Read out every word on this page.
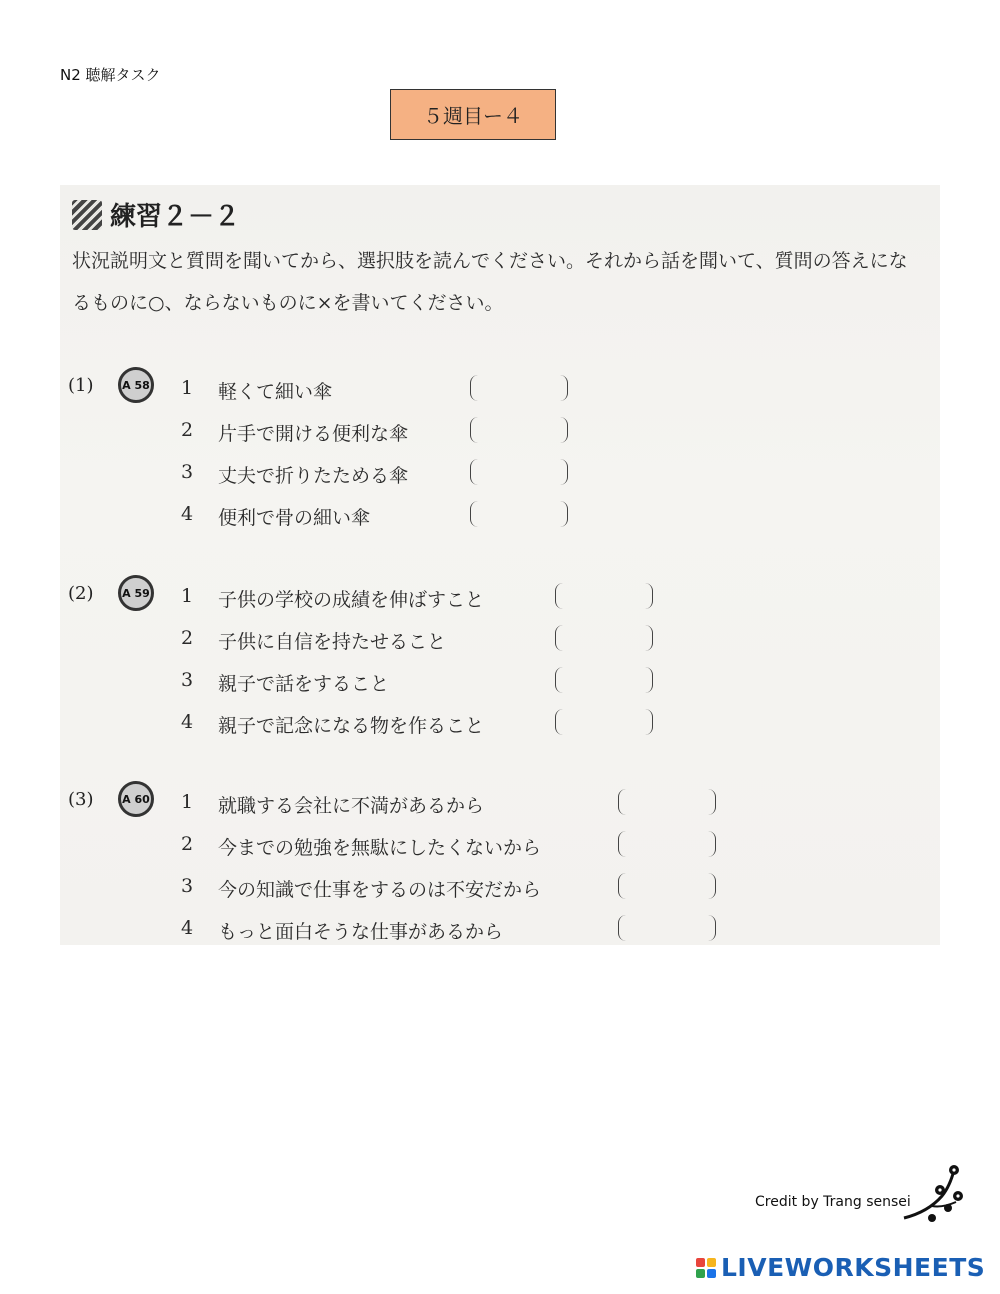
N2 聴解タスク
５週目ー４
練習２－２
状況説明文と質問を聞いてから、選択肢を読んでください。それから話を聞いて、質問の答えになるものに○、ならないものに×を書いてください。
(1)	A 58 1 軽くて細い傘
2 片手で開ける便利な傘
3 丈夫で折りたためる傘
4 便利で骨の細い傘
(2)	A 59 1 子供の学校の成績を伸ばすこと
2 子供に自信を持たせること
3 親子で話をすること
4 親子で記念になる物を作ること
(3)	A 60 1 就職する会社に不満があるから
2 今までの勉強を無駄にしたくないから
3 今の知識で仕事をするのは不安だから
4 もっと面白そうな仕事があるから
Credit by Trang sensei
LIVEWORKSHEETS
